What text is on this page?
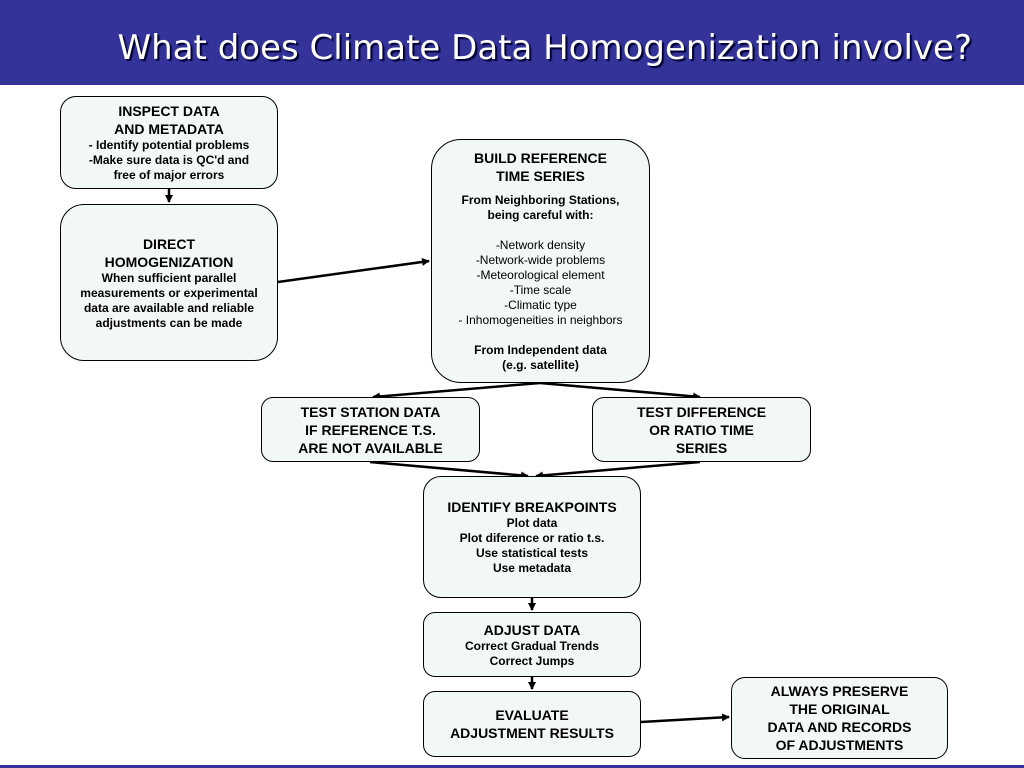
What does Climate Data Homogenization involve?
INSPECT DATA
AND METADATA
- Identify potential problems
-Make sure data is QC'd and
free of major errors
DIRECT
HOMOGENIZATION
When sufficient parallel
measurements or experimental
data are available and reliable
adjustments can be made
BUILD REFERENCE
TIME SERIES
From Neighboring Stations,
being careful with:
-Network density
-Network-wide problems
-Meteorological element
-Time scale
-Climatic type
- Inhomogeneities in neighbors
From Independent data
(e.g. satellite)
TEST STATION DATA
IF REFERENCE T.S.
ARE NOT AVAILABLE
TEST DIFFERENCE
OR RATIO TIME
SERIES
IDENTIFY BREAKPOINTS
Plot data
Plot diference or ratio t.s.
Use statistical tests
Use metadata
ADJUST DATA
Correct Gradual Trends
Correct Jumps
EVALUATE
ADJUSTMENT RESULTS
ALWAYS PRESERVE
THE ORIGINAL
DATA AND RECORDS
OF ADJUSTMENTS
